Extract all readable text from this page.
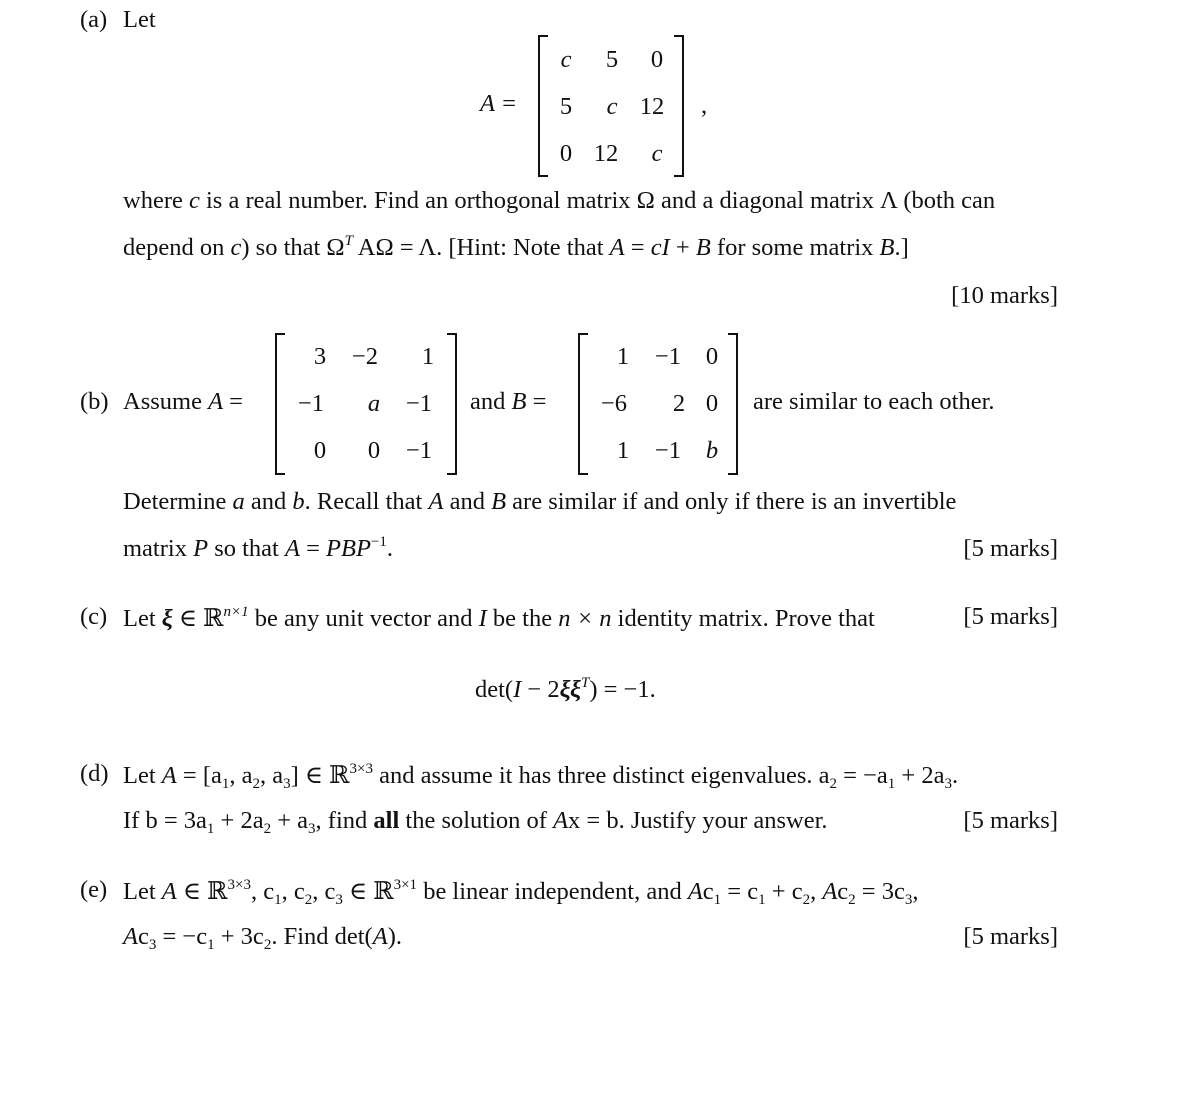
(a) Let
A =
c 5 0
5 c 12
0 12 c
,
where c is a real number. Find an orthogonal matrix Ω and a diagonal matrix Λ (both can
depend on c) so that $\Omega^T$ AΩ = Λ. [Hint: Note that A = cI + B for some matrix B.]
[10 marks]
(b) Assume A =
3 −2 1
−1 a −1
0 0 −1
and B =
1 −1 0
−6 2 0
1 −1 b
are similar to each other.
Determine a and b. Recall that A and B are similar if and only if there is an invertible
matrix P so that $A = PBP^{-1}$.	[5 marks]
(c) Let ξ ∈ ℝ$^{n\times 1}$ be any unit vector and I be the n × n identity matrix. Prove that	[5 marks]
$\det(I - 2\xi\xi^T) = -1$.
(d) Let $A = [a_1$, $a_2$, $a_3$] ∈ ℝ$^{3\times 3}$ and assume it has three distinct eigenvalues. $a_2 = -a_1 + 2a_3$.
If $b = 3a_1 + 2a_2 + a_3$, find all the solution of Ax = b. Justify your answer.	[5 marks]
(e) Let A ∈ ℝ$^{3\times 3}$, $c_1$, $c_2$, $c_3$ ∈ ℝ$^{3\times 1}$ be linear independent, and $Ac_1 = c_1 + c_2$, $Ac_2 = 3c_3$,
$Ac_3 = -c_1 + 3c_2$. Find det(A).	[5 marks]
